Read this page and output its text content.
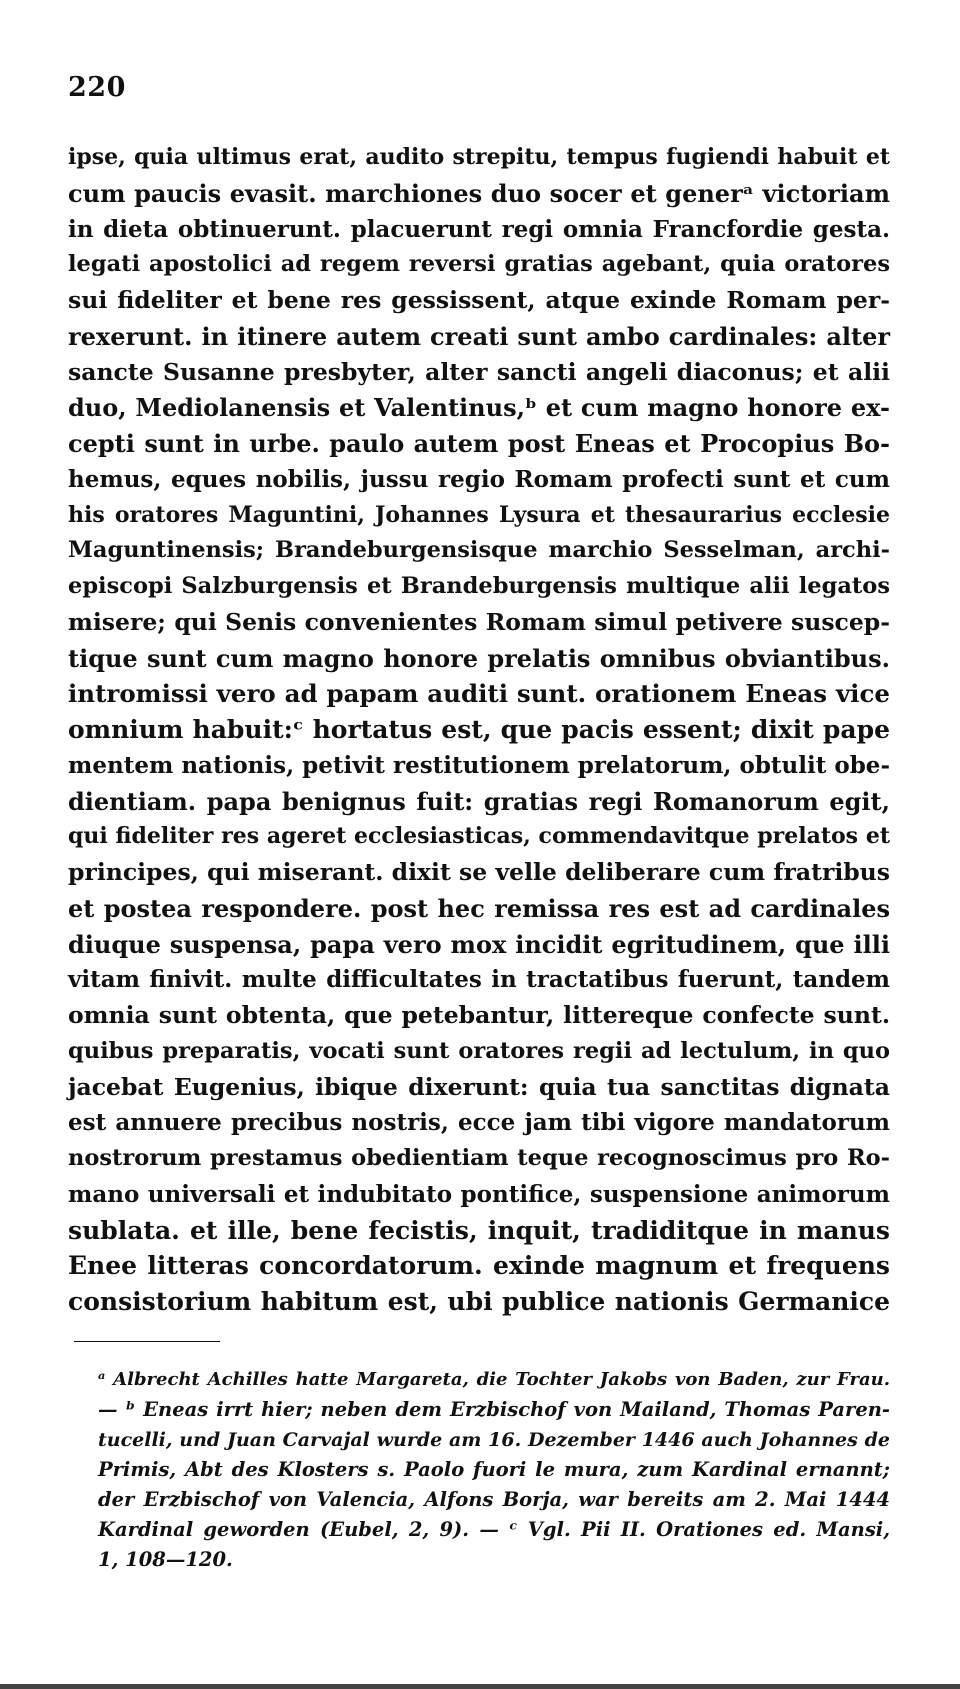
220
ipse, quia ultimus erat, audito strepitu, tempus fugiendi habuit et
cum paucis evasit. marchiones duo socer et generᵃ victoriam
in dieta obtinuerunt. placuerunt regi omnia Francfordie gesta.
legati apostolici ad regem reversi gratias agebant, quia oratores
sui fideliter et bene res gessissent, atque exinde Romam per-
rexerunt. in itinere autem creati sunt ambo cardinales: alter
sancte Susanne presbyter, alter sancti angeli diaconus; et alii
duo, Mediolanensis et Valentinus,ᵇ et cum magno honore ex-
cepti sunt in urbe. paulo autem post Eneas et Procopius Bo-
hemus, eques nobilis, jussu regio Romam profecti sunt et cum
his oratores Maguntini, Johannes Lysura et thesaurarius ecclesie
Maguntinensis; Brandeburgensisque marchio Sesselman, archi-
episcopi Salzburgensis et Brandeburgensis multique alii legatos
misere; qui Senis convenientes Romam simul petivere suscep-
tique sunt cum magno honore prelatis omnibus obviantibus.
intromissi vero ad papam auditi sunt. orationem Eneas vice
omnium habuit:ᶜ hortatus est, que pacis essent; dixit pape
mentem nationis, petivit restitutionem prelatorum, obtulit obe-
dientiam. papa benignus fuit: gratias regi Romanorum egit,
qui fideliter res ageret ecclesiasticas, commendavitque prelatos et
principes, qui miserant. dixit se velle deliberare cum fratribus
et postea respondere. post hec remissa res est ad cardinales
diuque suspensa, papa vero mox incidit egritudinem, que illi
vitam finivit. multe difficultates in tractatibus fuerunt, tandem
omnia sunt obtenta, que petebantur, littereque confecte sunt.
quibus preparatis, vocati sunt oratores regii ad lectulum, in quo
jacebat Eugenius, ibique dixerunt: quia tua sanctitas dignata
est annuere precibus nostris, ecce jam tibi vigore mandatorum
nostrorum prestamus obedientiam teque recognoscimus pro Ro-
mano universali et indubitato pontifice, suspensione animorum
sublata. et ille, bene fecistis, inquit, tradiditque in manus
Enee litteras concordatorum. exinde magnum et frequens
consistorium habitum est, ubi publice nationis Germanice
ᵃ Albrecht Achilles hatte Margareta, die Tochter Jakobs von Baden, zur Frau.
— ᵇ Eneas irrt hier; neben dem Erzbischof von Mailand, Thomas Paren-
tucelli, und Juan Carvajal wurde am 16. Dezember 1446 auch Johannes de
Primis, Abt des Klosters s. Paolo fuori le mura, zum Kardinal ernannt;
der Erzbischof von Valencia, Alfons Borja, war bereits am 2. Mai 1444
Kardinal geworden (Eubel, 2, 9). — ᶜ Vgl. Pii II. Orationes ed. Mansi,
1, 108—120.
